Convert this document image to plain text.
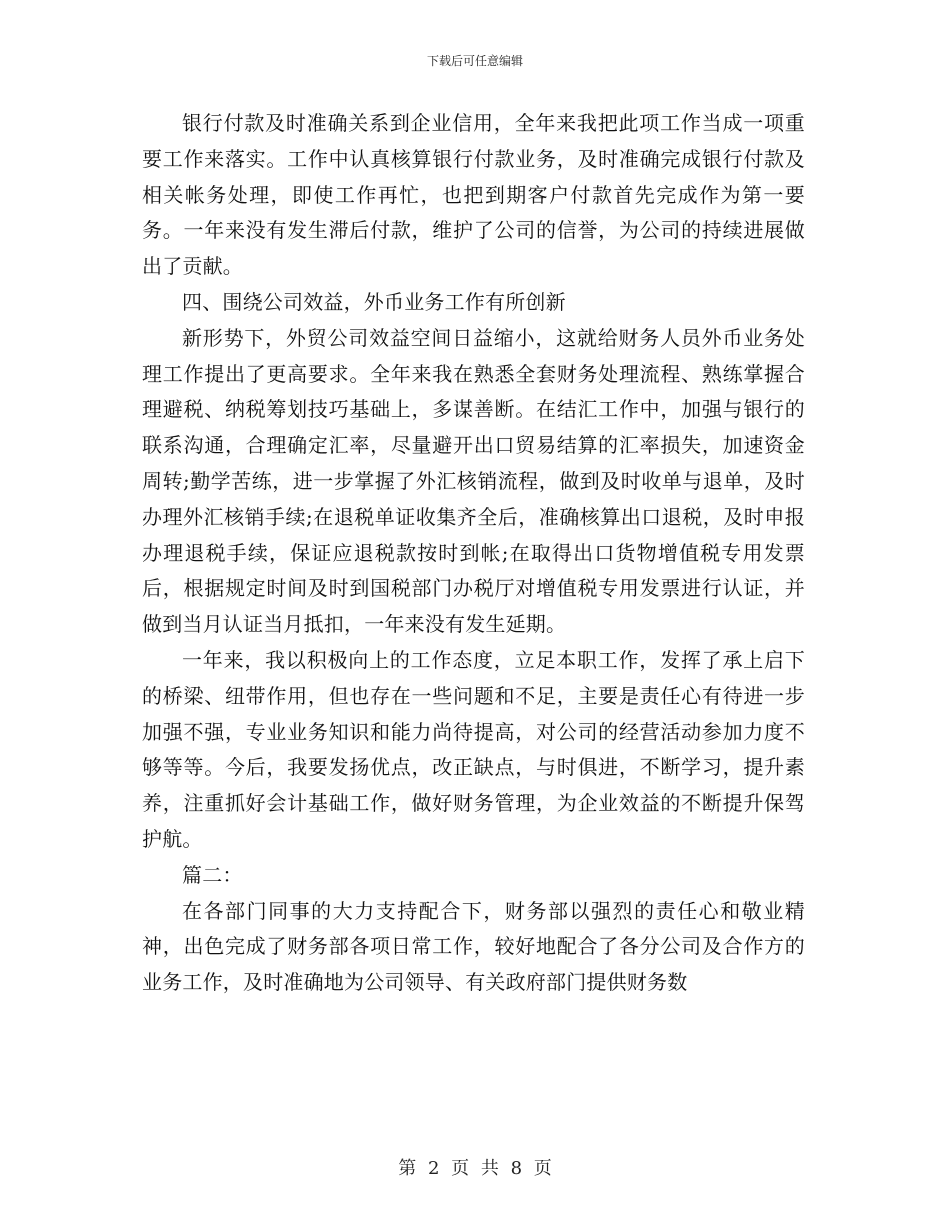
下载后可任意编辑

银行付款及时准确关系到企业信用，全年来我把此项工作当成一项重要工作来落实。工作中认真核算银行付款业务，及时准确完成银行付款及相关帐务处理，即使工作再忙，也把到期客户付款首先完成作为第一要务。一年来没有发生滞后付款，维护了公司的信誉，为公司的持续进展做出了贡献。

四、围绕公司效益，外币业务工作有所创新

新形势下，外贸公司效益空间日益缩小，这就给财务人员外币业务处理工作提出了更高要求。全年来我在熟悉全套财务处理流程、熟练掌握合理避税、纳税筹划技巧基础上，多谋善断。在结汇工作中，加强与银行的联系沟通，合理确定汇率，尽量避开出口贸易结算的汇率损失，加速资金周转;勤学苦练，进一步掌握了外汇核销流程，做到及时收单与退单，及时办理外汇核销手续;在退税单证收集齐全后，准确核算出口退税，及时申报办理退税手续，保证应退税款按时到帐;在取得出口货物增值税专用发票后，根据规定时间及时到国税部门办税厅对增值税专用发票进行认证，并做到当月认证当月抵扣，一年来没有发生延期。

一年来，我以积极向上的工作态度，立足本职工作，发挥了承上启下的桥梁、纽带作用，但也存在一些问题和不足，主要是责任心有待进一步加强不强，专业业务知识和能力尚待提高，对公司的经营活动参加力度不够等等。今后，我要发扬优点，改正缺点，与时俱进，不断学习，提升素养，注重抓好会计基础工作，做好财务管理，为企业效益的不断提升保驾护航。

篇二：

在各部门同事的大力支持配合下，财务部以强烈的责任心和敬业精神，出色完成了财务部各项日常工作，较好地配合了各分公司及合作方的业务工作，及时准确地为公司领导、有关政府部门提供财务数

第 2 页 共 8 页
